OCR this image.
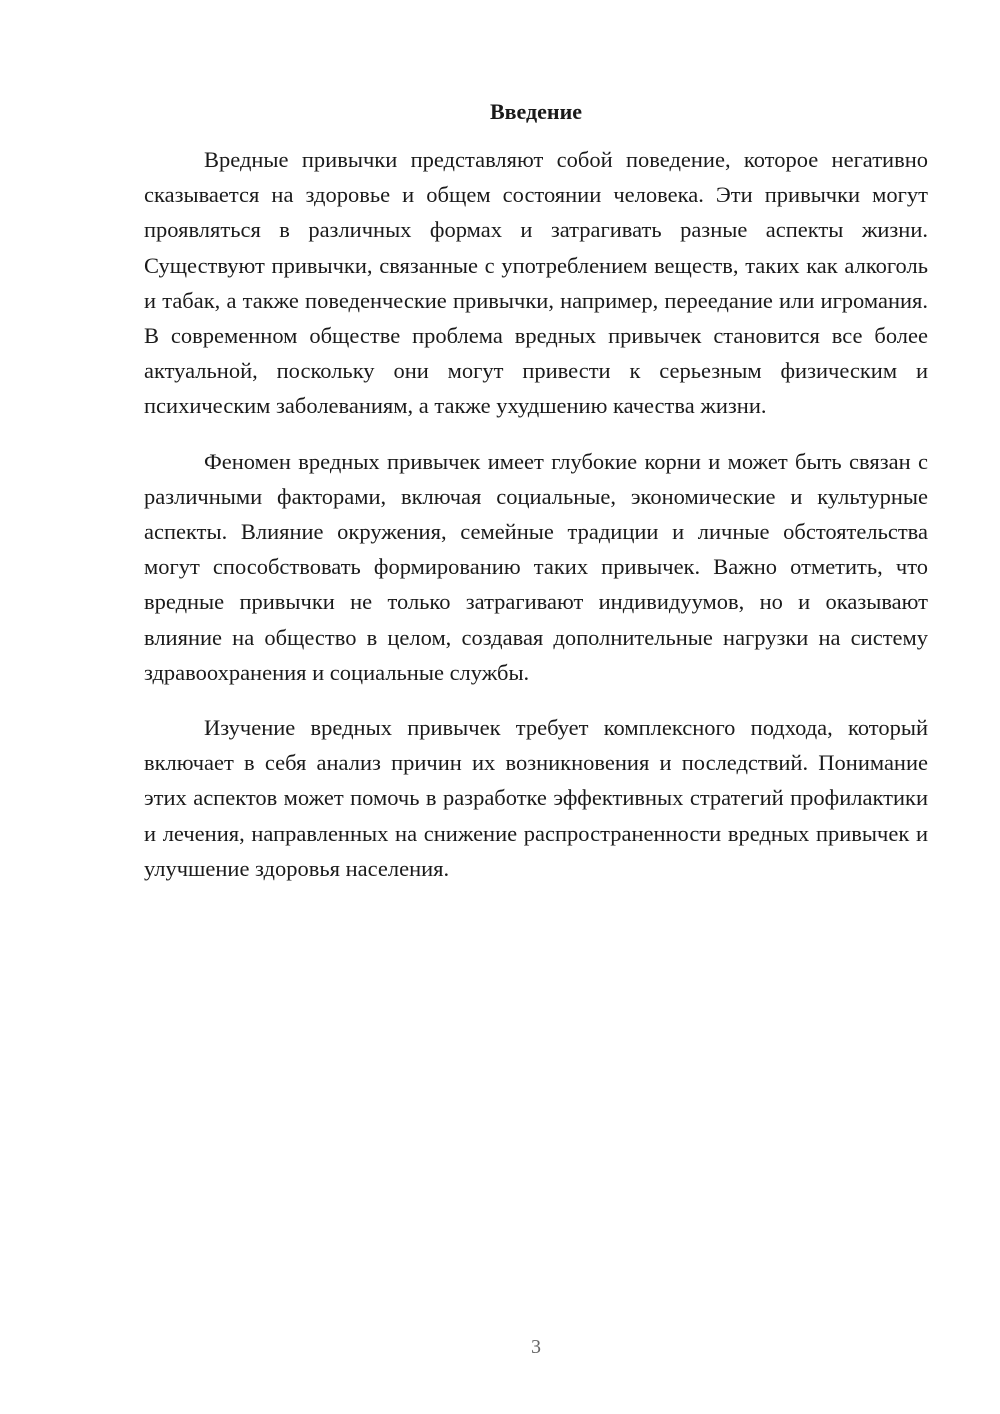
Введение

Вредные привычки представляют собой поведение, которое негативно сказывается на здоровье и общем состоянии человека. Эти привычки могут проявляться в различных формах и затрагивать разные аспекты жизни. Существуют привычки, связанные с употреблением веществ, таких как алкоголь и табак, а также поведенческие привычки, например, переедание или игромания. В современном обществе проблема вредных привычек становится все более актуальной, поскольку они могут привести к серьезным физическим и психическим заболеваниям, а также ухудшению качества жизни.

Феномен вредных привычек имеет глубокие корни и может быть связан с различными факторами, включая социальные, экономические и культурные аспекты. Влияние окружения, семейные традиции и личные обстоятельства могут способствовать формированию таких привычек. Важно отметить, что вредные привычки не только затрагивают индивидуумов, но и оказывают влияние на общество в целом, создавая дополнительные нагрузки на систему здравоохранения и социальные службы.

Изучение вредных привычек требует комплексного подхода, который включает в себя анализ причин их возникновения и последствий. Понимание этих аспектов может помочь в разработке эффективных стратегий профилактики и лечения, направленных на снижение распространенности вредных привычек и улучшение здоровья населения.

3
